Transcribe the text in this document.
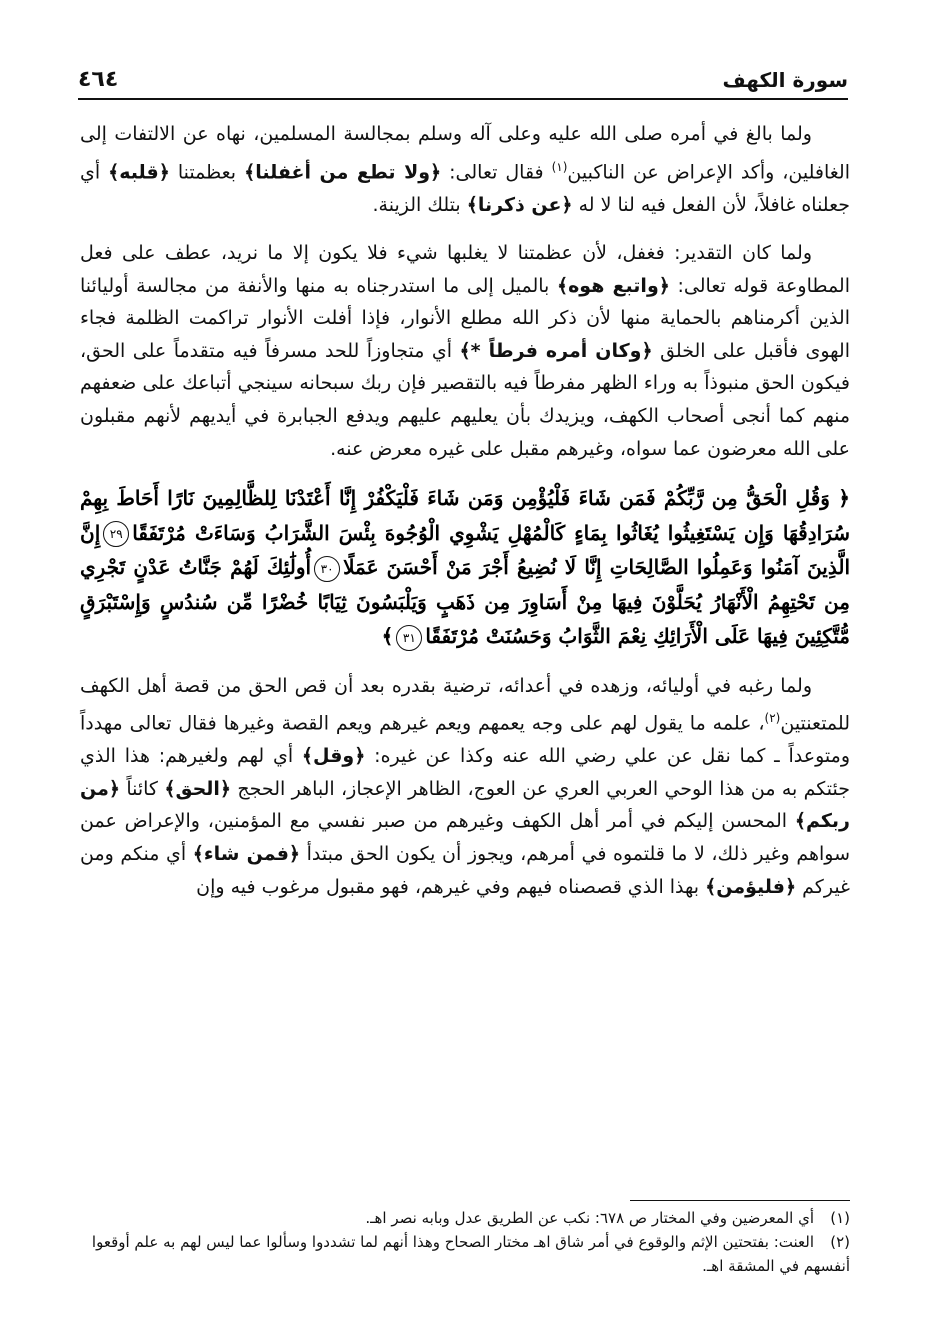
سورة الكهف
٤٦٤

ولما بالغ في أمره صلى الله عليه وعلى آله وسلم بمجالسة المسلمين، نهاه عن الالتفات إلى الغافلين، وأكد الإعراض عن الناكبين$^{(١)}$ فقال تعالى: ﴿ولا تطع من أغفلنا﴾ بعظمتنا ﴿قلبه﴾ أي جعلناه غافلاً، لأن الفعل فيه لنا لا له ﴿عن ذكرنا﴾ بتلك الزينة.

ولما كان التقدير: فغفل، لأن عظمتنا لا يغلبها شيء فلا يكون إلا ما نريد، عطف على فعل المطاوعة قوله تعالى: ﴿واتبع هوه﴾ بالميل إلى ما استدرجناه به منها والأنفة من مجالسة أوليائنا الذين أكرمناهم بالحماية منها لأن ذكر الله مطلع الأنوار، فإذا أفلت الأنوار تراكمت الظلمة فجاء الهوى فأقبل على الخلق ﴿وكان أمره فرطاً *﴾ أي متجاوزاً للحد مسرفاً فيه متقدماً على الحق، فيكون الحق منبوذاً به وراء الظهر مفرطاً فيه بالتقصير فإن ربك سبحانه سينجي أتباعك على ضعفهم منهم كما أنجى أصحاب الكهف، ويزيدك بأن يعليهم عليهم ويدفع الجبابرة في أيديهم لأنهم مقبلون على الله معرضون عما سواه، وغيرهم مقبل على غيره معرض عنه.

﴿ وَقُلِ الْحَقُّ مِن رَّبِّكُمْ فَمَن شَاءَ فَلْيُؤْمِن وَمَن شَاءَ فَلْيَكْفُرْ إِنَّا أَعْتَدْنَا لِلظَّالِمِينَ نَارًا أَحَاطَ بِهِمْ سُرَادِقُهَا وَإِن يَسْتَغِيثُوا يُغَاثُوا بِمَاءٍ كَالْمُهْلِ يَشْوِي الْوُجُوهَ بِئْسَ الشَّرَابُ وَسَاءَتْ مُرْتَفَقًا٢٩إِنَّ الَّذِينَ آمَنُوا وَعَمِلُوا الصَّالِحَاتِ إِنَّا لَا نُضِيعُ أَجْرَ مَنْ أَحْسَنَ عَمَلًا٣٠أُولَٰئِكَ لَهُمْ جَنَّاتُ عَدْنٍ تَجْرِي مِن تَحْتِهِمُ الْأَنْهَارُ يُحَلَّوْنَ فِيهَا مِنْ أَسَاوِرَ مِن ذَهَبٍ وَيَلْبَسُونَ ثِيَابًا خُضْرًا مِّن سُندُسٍ وَإِسْتَبْرَقٍ مُّتَّكِئِينَ فِيهَا عَلَى الْأَرَائِكِ نِعْمَ الثَّوَابُ وَحَسُنَتْ مُرْتَفَقًا٣١﴾

ولما رغبه في أوليائه، وزهده في أعدائه، ترضية بقدره بعد أن قص الحق من قصة أهل الكهف للمتعنتين$^{(٢)}$، علمه ما يقول لهم على وجه يعمهم ويعم غيرهم ويعم القصة وغيرها فقال تعالى مهدداً ومتوعداً ـ كما نقل عن علي رضي الله عنه وكذا عن غيره: ﴿وقل﴾ أي لهم ولغيرهم: هذا الذي جئتكم به من هذا الوحي العربي العري عن العوج، الظاهر الإعجاز، الباهر الحجج ﴿الحق﴾ كائناً ﴿من ربكم﴾ المحسن إليكم في أمر أهل الكهف وغيرهم من صبر نفسي مع المؤمنين، والإعراض عمن سواهم وغير ذلك، لا ما قلتموه في أمرهم، ويجوز أن يكون الحق مبتدأ ﴿فمن شاء﴾ أي منكم ومن غيركم ﴿فليؤمن﴾ بهذا الذي قصصناه فيهم وفي غيرهم، فهو مقبول مرغوب فيه وإن

(١)أي المعرضين وفي المختار ص ٦٧٨: نكب عن الطريق عدل وبابه نصر اهـ.

(٢)العنت: بفتحتين الإثم والوقوع في أمر شاق اهـ مختار الصحاح وهذا أنهم لما تشددوا وسألوا عما ليس لهم به علم أوقعوا أنفسهم في المشقة اهـ.
